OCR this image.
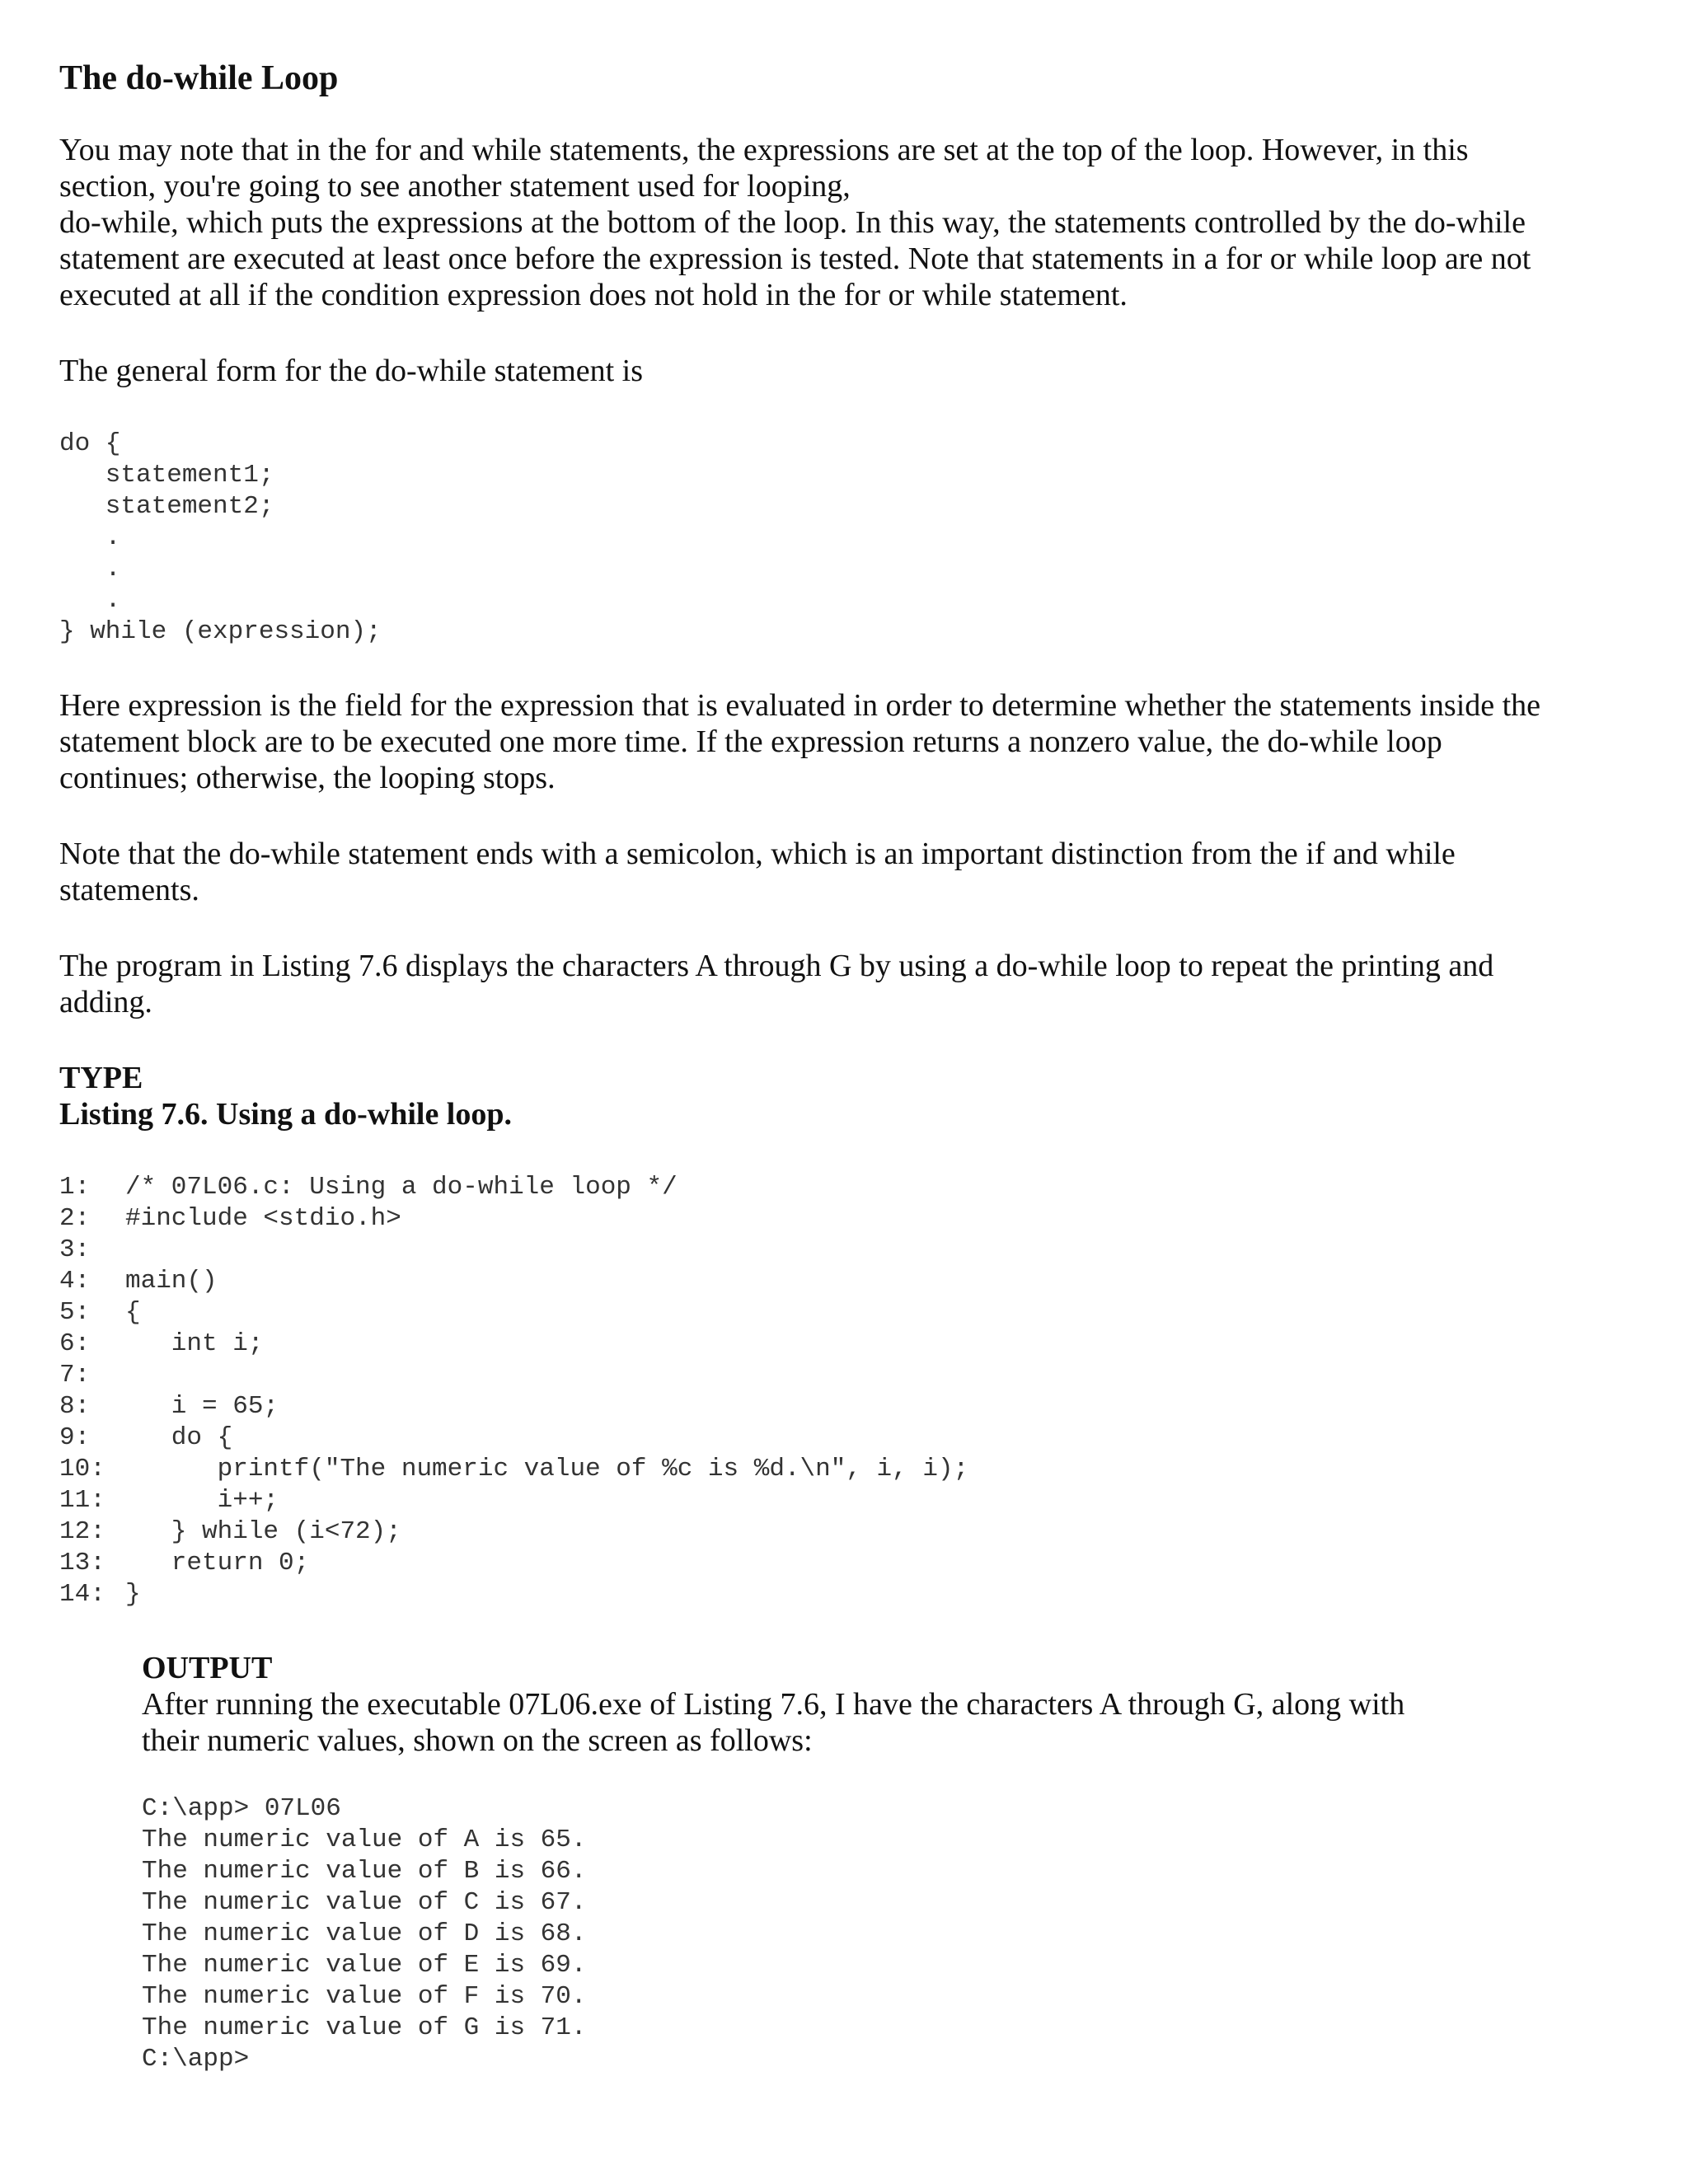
The do-while Loop

You may note that in the for and while statements, the expressions are set at the top of the loop. However, in this
section, you're going to see another statement used for looping,
do-while, which puts the expressions at the bottom of the loop. In this way, the statements controlled by the do-while
statement are executed at least once before the expression is tested. Note that statements in a for or while loop are not
executed at all if the condition expression does not hold in the for or while statement.

The general form for the do-while statement is

do {
statement1;
statement2;
.
.
.
} while (expression);

Here expression is the field for the expression that is evaluated in order to determine whether the statements inside the
statement block are to be executed one more time. If the expression returns a nonzero value, the do-while loop
continues; otherwise, the looping stops.

Note that the do-while statement ends with a semicolon, which is an important distinction from the if and while
statements.

The program in Listing 7.6 displays the characters A through G by using a do-while loop to repeat the printing and
adding.

TYPE
Listing 7.6. Using a do-while loop.
1:	/* 07L06.c: Using a do-while loop */
2:	#include <stdio.h>
3:
4:	main()
5:	{
6:	int i;
7:
8:	i = 65;
9:	do {
10: printf("The numeric value of %c is %d.\n", i, i);
11: i++;
12: } while (i<72);
13: return 0;
14: }

OUTPUT
After running the executable 07L06.exe of Listing 7.6, I have the characters A through G, along with
their numeric values, shown on the screen as follows:

C:\app> 07L06
The numeric value of A is 65.
The numeric value of B is 66.
The numeric value of C is 67.
The numeric value of D is 68.
The numeric value of E is 69.
The numeric value of F is 70.
The numeric value of G is 71.
C:\app>
